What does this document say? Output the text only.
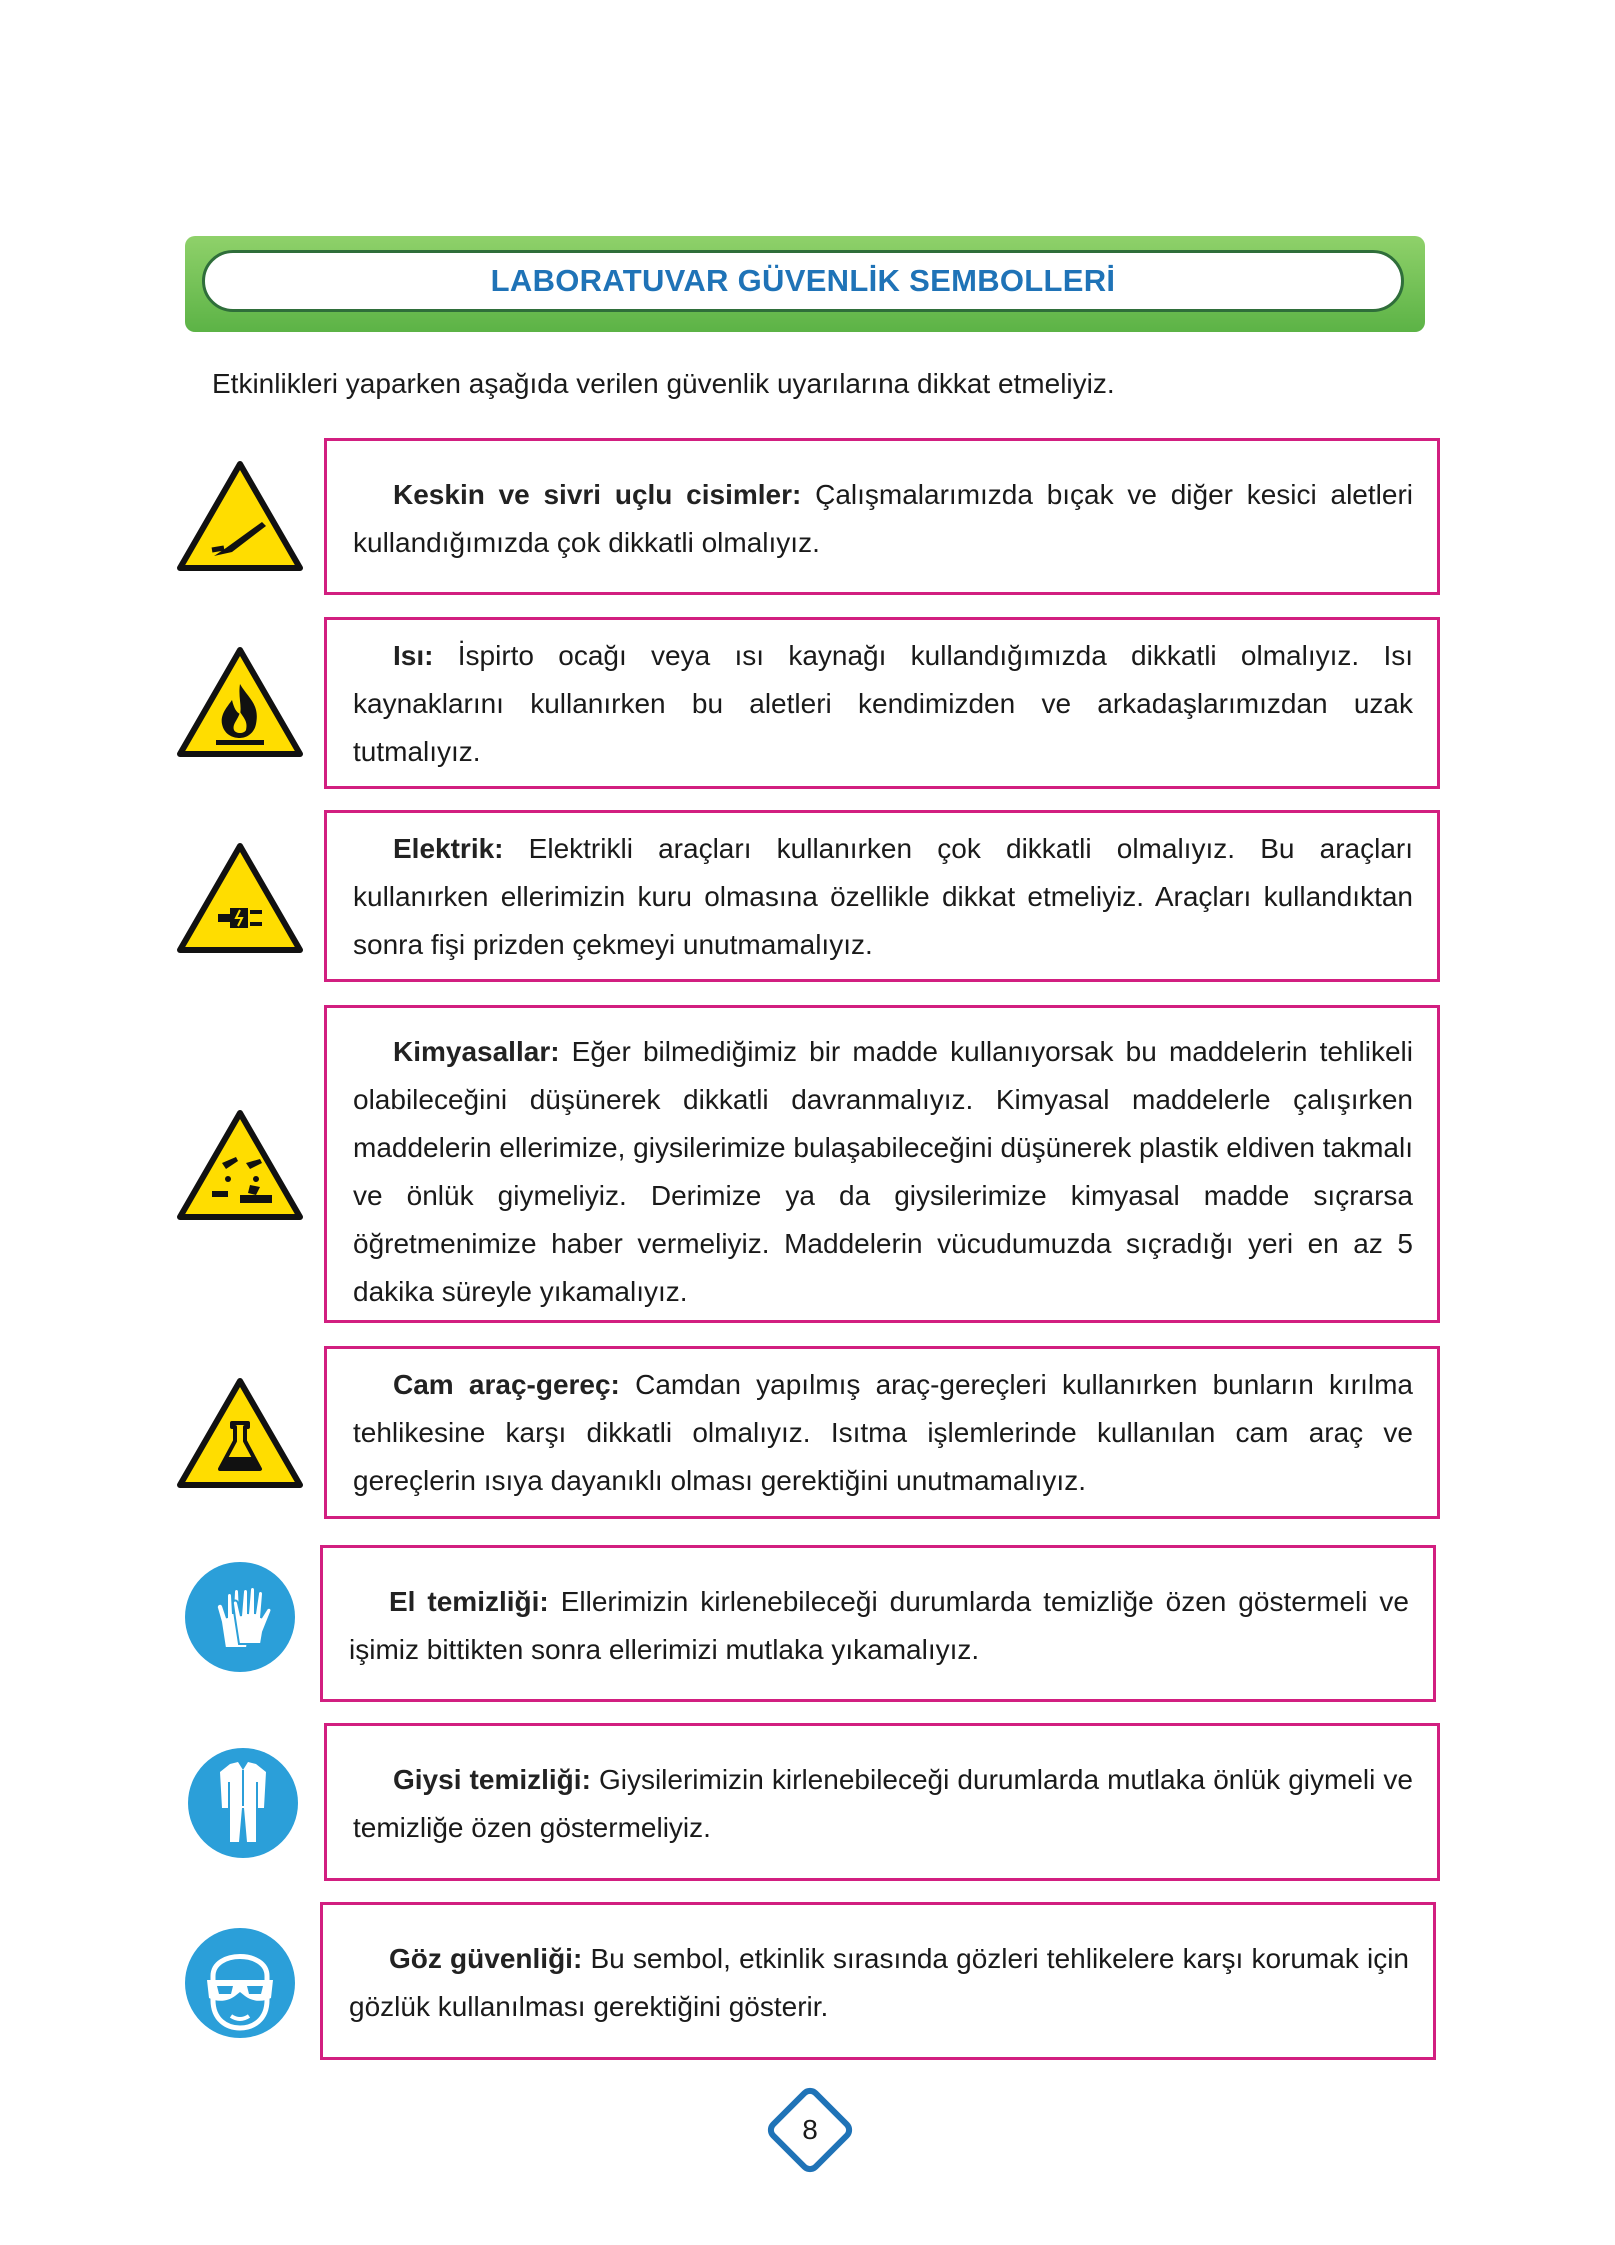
LABORATUVAR GÜVENLİK SEMBOLLERİ
Etkinlikleri yaparken aşağıda verilen güvenlik uyarılarına dikkat etmeliyiz.

Keskin ve sivri uçlu cisimler: Çalışmalarımızda bıçak ve diğer kesici aletleri kullandığımızda çok dikkatli olmalıyız.

Isı: İspirto ocağı veya ısı kaynağı kullandığımızda dikkatli olmalıyız. Isı kaynaklarını kullanırken bu aletleri kendimizden ve arkadaşlarımızdan uzak tutmalıyız.

Elektrik: Elektrikli araçları kullanırken çok dikkatli olmalıyız. Bu araçları kullanırken ellerimizin kuru olmasına özellikle dikkat etmeliyiz. Araçları kullandıktan sonra fişi prizden çekmeyi unutmamalıyız.

Kimyasallar: Eğer bilmediğimiz bir madde kullanıyorsak bu maddelerin tehlikeli olabileceğini düşünerek dikkatli davranmalıyız. Kimyasal maddelerle çalışırken maddelerin ellerimize, giysilerimize bulaşabileceğini düşünerek plastik eldiven takmalı ve önlük giymeliyiz. Derimize ya da giysilerimize kimyasal madde sıçrarsa öğretmenimize haber vermeliyiz. Maddelerin vücudumuzda sıçradığı yeri en az 5 dakika süreyle yıkamalıyız.

Cam araç-gereç: Camdan yapılmış araç-gereçleri kullanırken bunların kırılma tehlikesine karşı dikkatli olmalıyız. Isıtma işlemlerinde kullanılan cam araç ve gereçlerin ısıya dayanıklı olması gerektiğini unutmamalıyız.

El temizliği: Ellerimizin kirlenebileceği durumlarda temizliğe özen göstermeli ve işimiz bittikten sonra ellerimizi mutlaka yıkamalıyız.

Giysi temizliği: Giysilerimizin kirlenebileceği durumlarda mutlaka önlük giymeli ve temizliğe özen göstermeliyiz.

Göz güvenliği: Bu sembol, etkinlik sırasında gözleri tehlikelere karşı korumak için gözlük kullanılması gerektiğini gösterir.

8
